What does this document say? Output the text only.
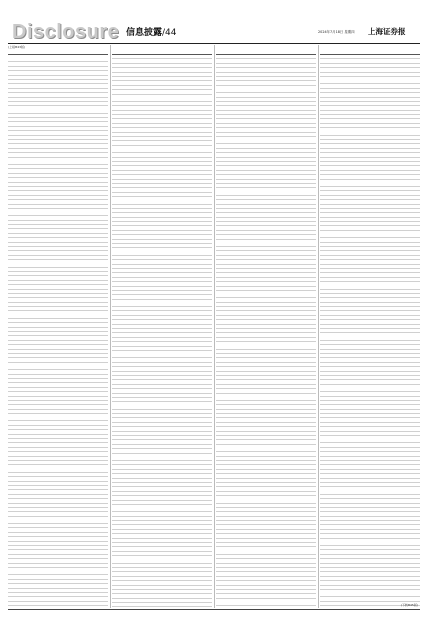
Disclosure 信息披露/44	2024年7月18日 星期四 上海证券报
(上接B43版)
(下转B45版)
